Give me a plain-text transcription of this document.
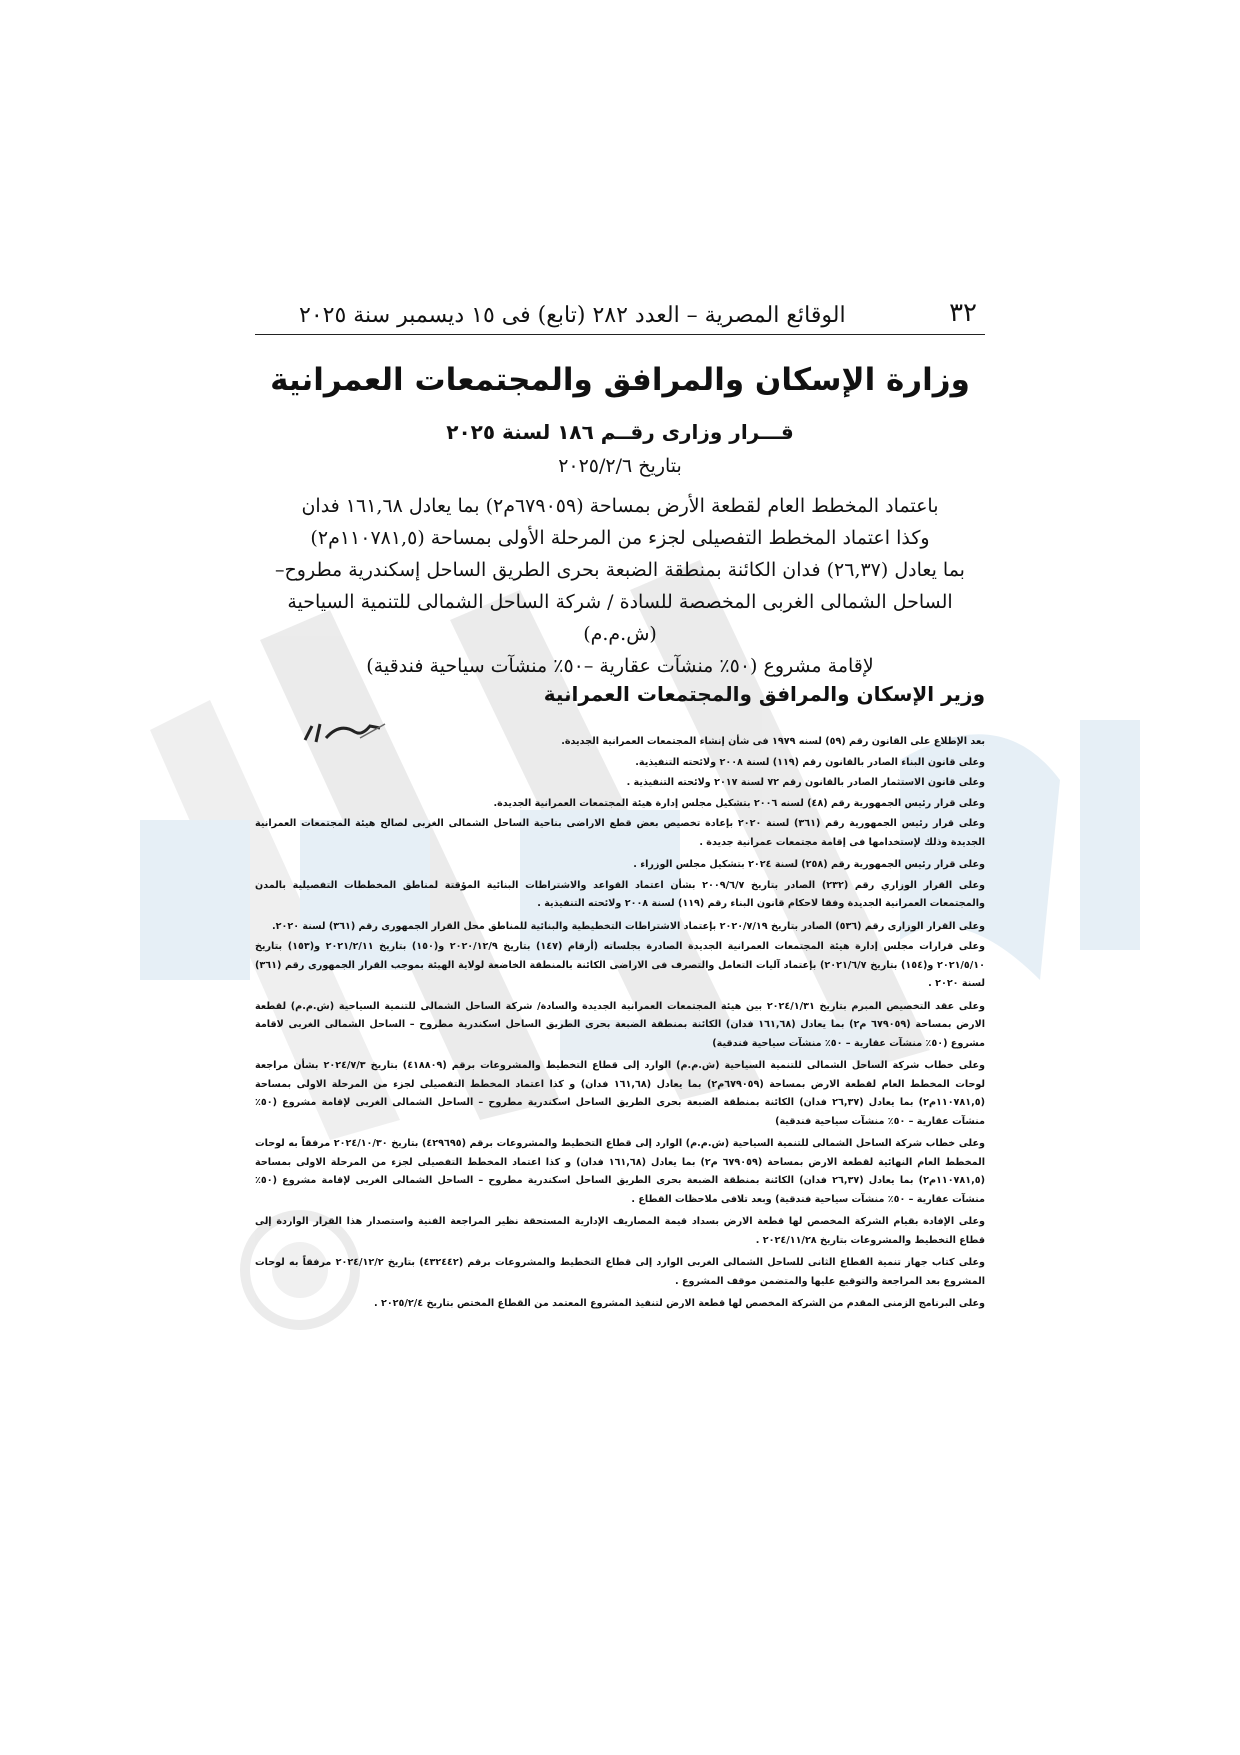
٣٢
الوقائع المصرية – العدد ٢٨٢ (تابع) فى ١٥ ديسمبر سنة ٢٠٢٥
وزارة الإسكان والمرافق والمجتمعات العمرانية
قـــرار وزارى رقــم ١٨٦ لسنة ٢٠٢٥
بتاريخ ٢٠٢٥/٢/٦

باعتماد المخطط العام لقطعة الأرض بمساحة (٦٧٩٠٥٩م٢) بما يعادل ١٦١,٦٨ فدان

وكذا اعتماد المخطط التفصيلى لجزء من المرحلة الأولى بمساحة (١١٠٧٨١,٥م٢)

بما يعادل (٢٦,٣٧) فدان الكائنة بمنطقة الضبعة بحرى الطريق الساحل إسكندرية مطروح–

الساحل الشمالى الغربى المخصصة للسادة / شركة الساحل الشمالى للتنمية السياحية (ش.م.م)

لإقامة مشروع (٥٠٪ منشآت عقارية –٥٠٪ منشآت سياحية فندقية)

وزير الإسكان والمرافق والمجتمعات العمرانية

بعد الإطلاع على القانون رقم (٥٩) لسنه ١٩٧٩ فى شأن إنشاء المجتمعات العمرانية الجديدة.

وعلى قانون البناء الصادر بالقانون رقم (١١٩) لسنة ٢٠٠٨ ولائحته التنفيذية.

وعلى قانون الاستثمار الصادر بالقانون رقم ٧٢ لسنة ٢٠١٧ ولائحته التنفيذية .

وعلى قرار رئيس الجمهورية رقم (٤٨) لسنه ٢٠٠٦ بتشكيل مجلس إدارة هيئة المجتمعات العمرانية الجديدة.

وعلى قرار رئيس الجمهورية رقم (٣٦١) لسنة ٢٠٢٠ بإعادة تخصيص بعض قطع الاراضى بناحية الساحل الشمالى الغربى لصالح هيئة المجتمعات العمرانية الجديدة وذلك لإستخدامها فى إقامة مجتمعات عمرانية جديدة .

وعلى قرار رئيس الجمهورية رقم (٢٥٨) لسنة ٢٠٢٤ بتشكيل مجلس الوزراء .

وعلى القرار الوزاري رقم (٢٣٢) الصادر بتاريخ ٢٠٠٩/٦/٧ بشأن اعتماد القواعد والاشتراطات البنائية المؤقتة لمناطق المخططات التفصيلية بالمدن والمجتمعات العمرانية الجديدة وفقا لاحكام قانون البناء رقم (١١٩) لسنة ٢٠٠٨ ولائحته التنفيذية .

وعلى القرار الوزارى رقم (٥٣٦) الصادر بتاريخ ٢٠٢٠/٧/١٩ بإعتماد الاشتراطات التخطيطية والبنائية للمناطق محل القرار الجمهورى رقم (٣٦١) لسنة ٢٠٢٠.

وعلى قرارات مجلس إدارة هيئة المجتمعات العمرانية الجديدة الصادرة بجلساته (أرقام (١٤٧) بتاريخ ٢٠٢٠/١٢/٩ و(١٥٠) بتاريخ ٢٠٢١/٢/١١ و(١٥٣) بتاريخ ٢٠٢١/٥/١٠ و(١٥٤) بتاريخ ٢٠٢١/٦/٧) بإعتماد آليات التعامل والتصرف فى الاراضى الكائنة بالمنطقة الخاضعة لولاية الهيئة بموجب القرار الجمهورى رقم (٣٦١) لسنة ٢٠٢٠ .

وعلى عقد التخصيص المبرم بتاريخ ٢٠٢٤/١/٣١ بين هيئة المجتمعات العمرانية الجديدة والسادة/ شركة الساحل الشمالى للتنمية السياحية (ش.م.م) لقطعة الارض بمساحة (٦٧٩٠٥٩ م٢) بما يعادل (١٦١,٦٨ فدان) الكائنة بمنطقة الضبعة بحرى الطريق الساحل اسكندرية مطروح – الساحل الشمالى الغربى لاقامة مشروع (٥٠٪ منشآت عقارية – ٥٠٪ منشآت سياحية فندقية)

وعلى خطاب شركة الساحل الشمالى للتنمية السياحية (ش.م.م) الوارد إلى قطاع التخطيط والمشروعات برقم (٤١٨٨٠٩) بتاريخ ٢٠٢٤/٧/٣ بشأن مراجعة لوحات المخطط العام لقطعة الارض بمساحة (٦٧٩٠٥٩م٢) بما يعادل (١٦١,٦٨ فدان) و كذا اعتماد المخطط التفصيلى لجزء من المرحلة الاولى بمساحة (١١٠٧٨١,٥م٢) بما يعادل (٢٦,٣٧ فدان) الكائنة بمنطقة الضبعة بحرى الطريق الساحل اسكندرية مطروح – الساحل الشمالى الغربى لإقامة مشروع (٥٠٪ منشآت عقارية – ٥٠٪ منشآت سياحية فندقية)

وعلى خطاب شركة الساحل الشمالى للتنمية السياحية (ش.م.م) الوارد إلى قطاع التخطيط والمشروعات برقم (٤٢٩٦٩٥) بتاريخ ٢٠٢٤/١٠/٣٠ مرفقاً به لوحات المخطط العام النهائية لقطعة الارض بمساحة (٦٧٩٠٥٩ م٢) بما يعادل (١٦١,٦٨ فدان) و كذا اعتماد المخطط التفصيلى لجزء من المرحلة الاولى بمساحة (١١٠٧٨١,٥م٢) بما يعادل (٢٦,٣٧ فدان) الكائنة بمنطقة الضبعة بحرى الطريق الساحل اسكندرية مطروح – الساحل الشمالى الغربى لإقامة مشروع (٥٠٪ منشآت عقارية – ٥٠٪ منشآت سياحية فندقية) وبعد تلافى ملاحظات القطاع .

وعلى الإفادة بقيام الشركة المخصص لها قطعة الارض بسداد قيمة المصاريف الإدارية المستحقة نظير المراجعة الفنية واستصدار هذا القرار الواردة إلى قطاع التخطيط والمشروعات بتاريخ ٢٠٢٤/١١/٢٨ .

وعلى كتاب جهاز تنمية القطاع الثانى للساحل الشمالى الغربى الوارد إلى قطاع التخطيط والمشروعات برقم (٤٣٢٤٤٢) بتاريخ ٢٠٢٤/١٢/٢ مرفقاً به لوحات المشروع بعد المراجعة والتوقيع عليها والمتضمن موقف المشروع .

وعلى البرنامج الزمنى المقدم من الشركة المخصص لها قطعة الارض لتنفيذ المشروع المعتمد من القطاع المختص بتاريخ ٢٠٢٥/٢/٤ .
